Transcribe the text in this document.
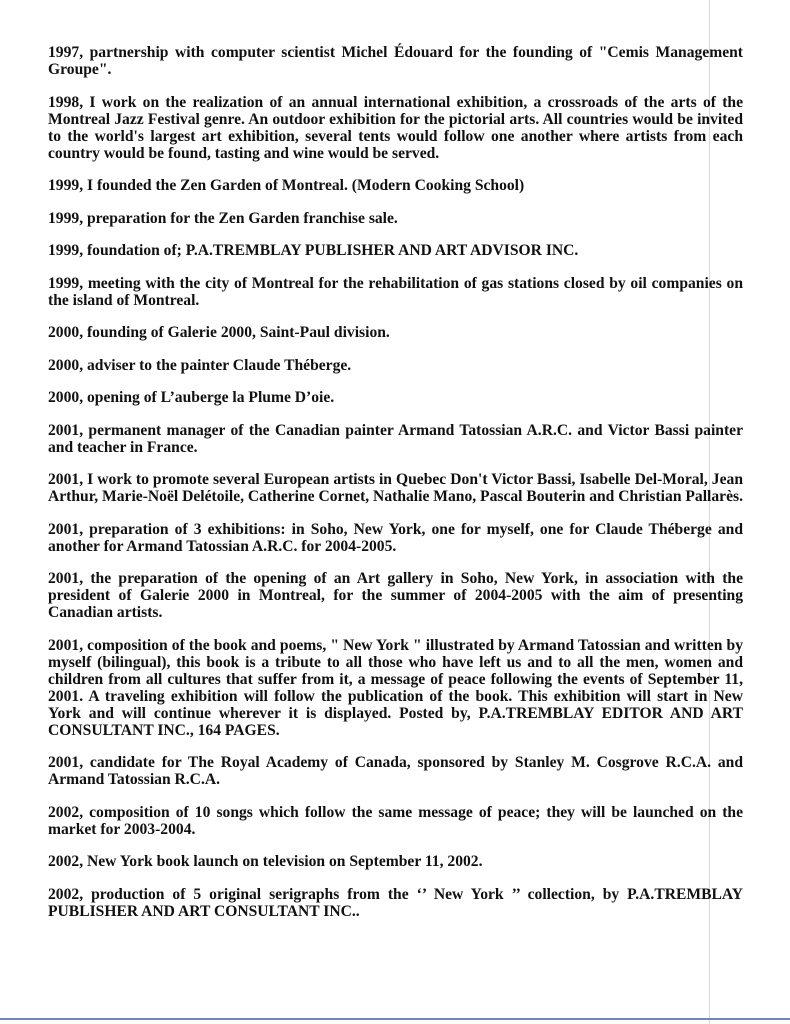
1997, partnership with computer scientist Michel Édouard for the founding of "Cemis Management Groupe".

1998, I work on the realization of an annual international exhibition, a crossroads of the arts of the Montreal Jazz Festival genre. An outdoor exhibition for the pictorial arts. All countries would be invited to the world's largest art exhibition, several tents would follow one another where artists from each country would be found, tasting and wine would be served.

1999, I founded the Zen Garden of Montreal. (Modern Cooking School)

1999, preparation for the Zen Garden franchise sale.

1999, foundation of; P.A.TREMBLAY PUBLISHER AND ART ADVISOR INC.

1999, meeting with the city of Montreal for the rehabilitation of gas stations closed by oil companies on the island of Montreal.

2000, founding of Galerie 2000, Saint-Paul division.

2000, adviser to the painter Claude Théberge.

2000, opening of L’auberge la Plume D’oie.

2001, permanent manager of the Canadian painter Armand Tatossian A.R.C. and Victor Bassi painter and teacher in France.

2001, I work to promote several European artists in Quebec Don't Victor Bassi, Isabelle Del-Moral, Jean Arthur, Marie-Noël Delétoile, Catherine Cornet, Nathalie Mano, Pascal Bouterin and Christian Pallarès.

2001, preparation of 3 exhibitions: in Soho, New York, one for myself, one for Claude Théberge and another for Armand Tatossian A.R.C. for 2004-2005.

2001, the preparation of the opening of an Art gallery in Soho, New York, in association with the president of Galerie 2000 in Montreal, for the summer of 2004-2005 with the aim of presenting Canadian artists.

2001, composition of the book and poems, " New York " illustrated by Armand Tatossian and written by myself (bilingual), this book is a tribute to all those who have left us and to all the men, women and children from all cultures that suffer from it, a message of peace following the events of September 11, 2001. A traveling exhibition will follow the publication of the book. This exhibition will start in New York and will continue wherever it is displayed. Posted by, P.A.TREMBLAY EDITOR AND ART CONSULTANT INC., 164 PAGES.

2001, candidate for The Royal Academy of Canada, sponsored by Stanley M. Cosgrove R.C.A. and Armand Tatossian R.C.A.

2002, composition of 10 songs which follow the same message of peace; they will be launched on the market for 2003-2004.

2002, New York book launch on television on September 11, 2002.

2002, production of 5 original serigraphs from the ‘’ New York ’’ collection, by P.A.TREMBLAY PUBLISHER AND ART CONSULTANT INC..
